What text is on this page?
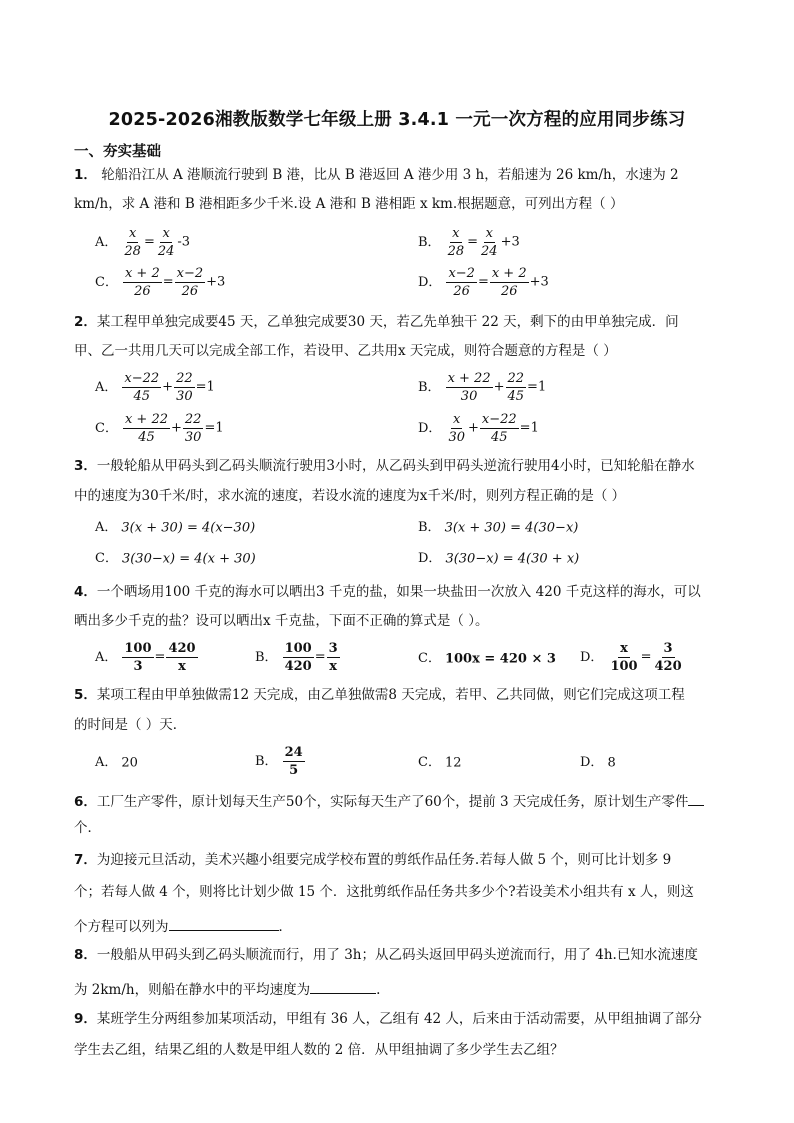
2025-2026湘教版数学七年级上册 3.4.1 一元一次方程的应用同步练习
一、夯实基础
1． 轮船沿江从 A 港顺流行驶到 B 港，比从 B 港返回 A 港少用 3 h，若船速为 26 km/h，水速为 2
km/h，求 A 港和 B 港相距多少千米.设 A 港和 B 港相距 x km.根据题意，可列出方程（ ）
A． $\frac{x}{28} = \frac{x}{24} -3$	B． $\frac{x}{28} = \frac{x}{24} +3$
C． $\frac{x + 2}{26} = \frac{x-2}{26} +3$	D． $\frac{x-2}{26} = \frac{x + 2}{26} +3$
2．某工程甲单独完成要45 天，乙单独完成要30 天，若乙先单独干 22 天，剩下的由甲单独完成．问
甲、乙一共用几天可以完成全部工作，若设甲、乙共用x 天完成，则符合题意的方程是（ ）
A． $\frac{x-22}{45} + \frac{22}{30} =1$	B． $\frac{x + 22}{30} + \frac{22}{45} =1$
C． $\frac{x + 22}{45} + \frac{22}{30} =1$	D． $\frac{x}{30} + \frac{x-22}{45} =1$
3．一般轮船从甲码头到乙码头顺流行驶用3小时，从乙码头到甲码头逆流行驶用4小时，已知轮船在静水
中的速度为30千米/时，求水流的速度，若设水流的速度为x千米/时，则列方程正确的是（ ）
A． 3(x + 30) = 4(x−30)	B． 3(x + 30) = 4(30−x)
C． 3(30−x) = 4(x + 30)	D． 3(30−x) = 4(30 + x)
4．一个晒场用100 千克的海水可以晒出3 千克的盐，如果一块盐田一次放入 420 千克这样的海水，可以
晒出多少千克的盐？设可以晒出x 千克盐，下面不正确的算式是（ ）。
A． $\frac{100}{3} = \frac{420}{x}$	B． $\frac{100}{420} = \frac{3}{x}$	C． 100x = 420 × 3 D． $\frac{x}{100} = \frac{3}{420}$
5．某项工程由甲单独做需12 天完成，由乙单独做需8 天完成，若甲、乙共同做，则它们完成这项工程
的时间是（ ）天．
A． 20	B． $\frac{24}{5}$	C． 12	D． 8
6．工厂生产零件，原计划每天生产50个，实际每天生产了60个，提前 3 天完成任务，原计划生产零件
个．
7．为迎接元旦活动，美术兴趣小组要完成学校布置的剪纸作品任务.若每人做 5 个，则可比计划多 9
个；若每人做 4 个，则将比计划少做 15 个．这批剪纸作品任务共多少个?若设美术小组共有 x 人，则这
个方程可以列为	．
8．一般船从甲码头到乙码头顺流而行，用了 3h；从乙码头返回甲码头逆流而行，用了 4h.已知水流速度
为 2km/h，则船在静水中的平均速度为	.
9．某班学生分两组参加某项活动，甲组有 36 人，乙组有 42 人，后来由于活动需要，从甲组抽调了部分
学生去乙组，结果乙组的人数是甲组人数的 2 倍．从甲组抽调了多少学生去乙组？
